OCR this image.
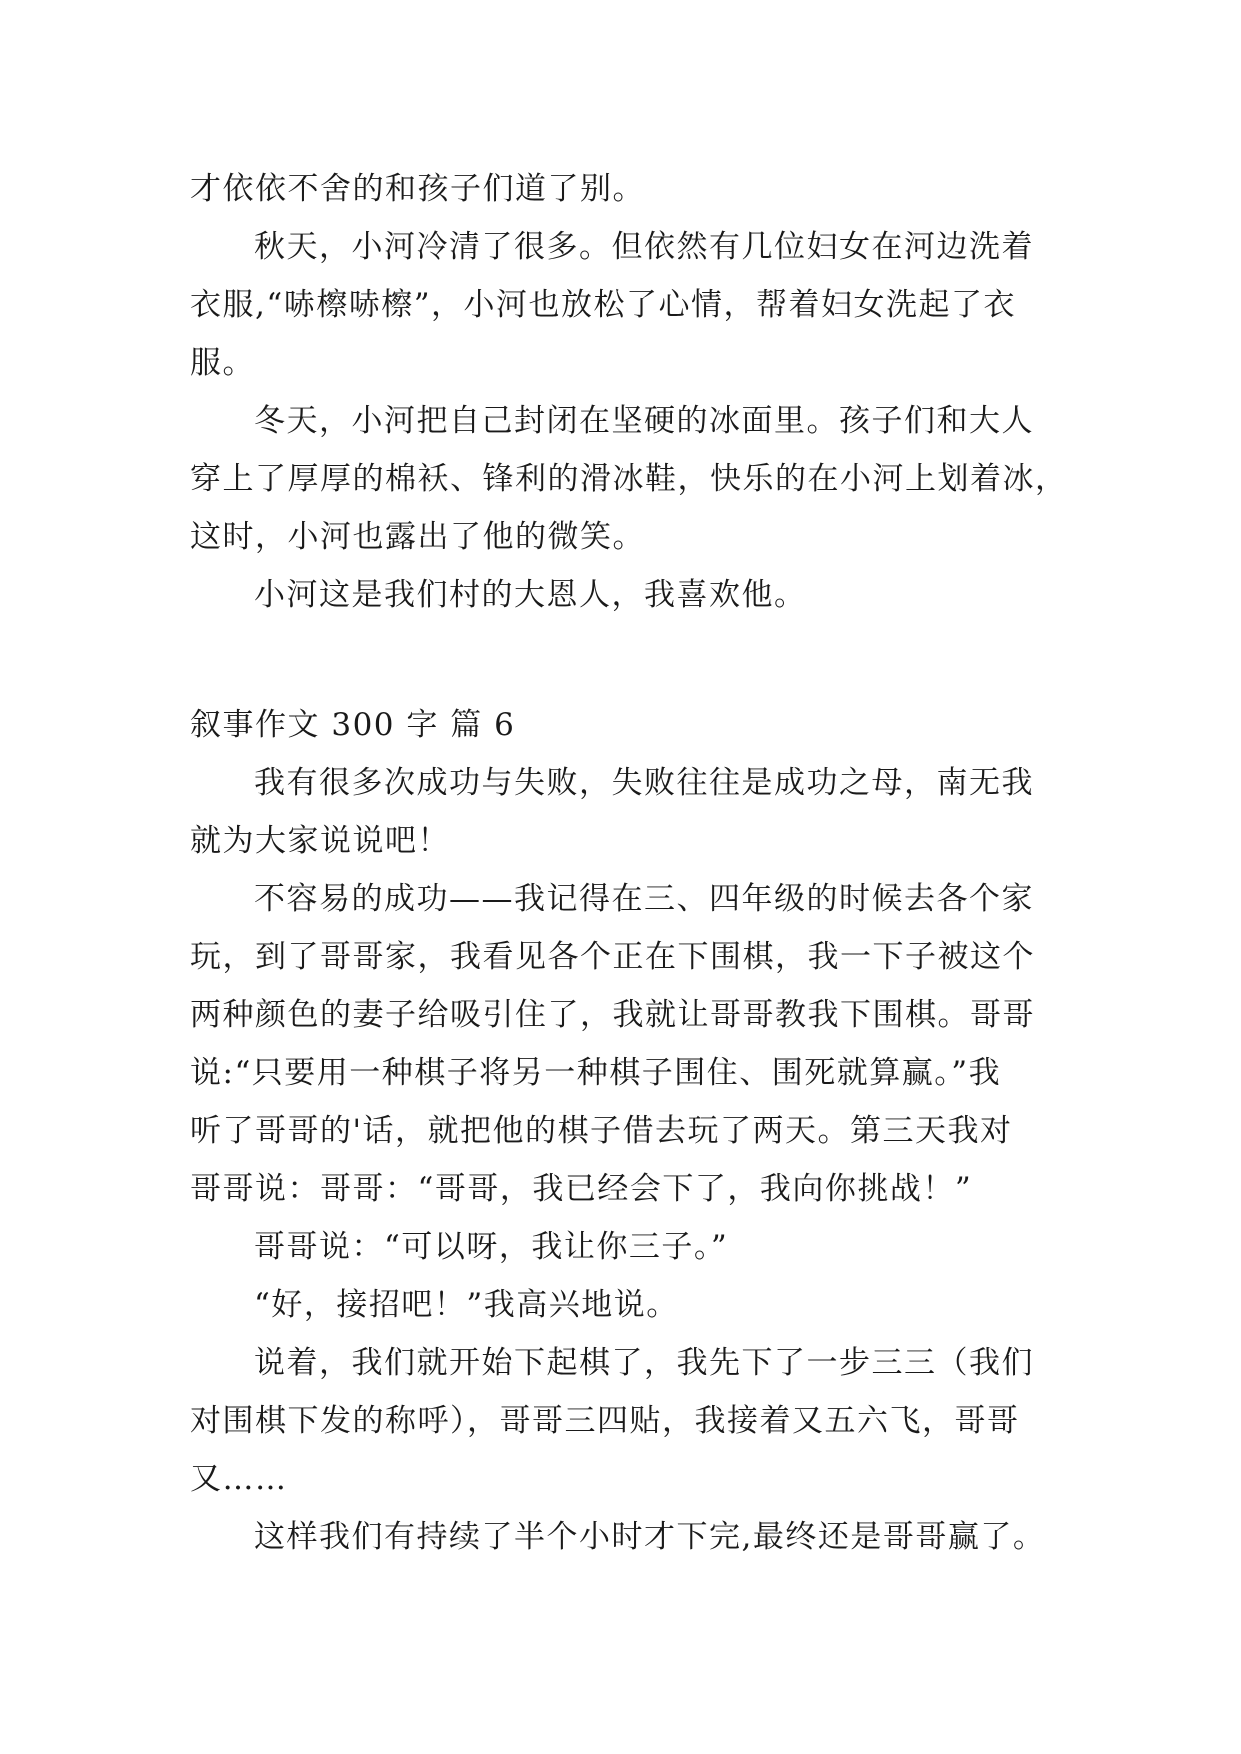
才依依不舍的和孩子们道了别。
秋天，小河冷清了很多。但依然有几位妇女在河边洗着
衣服,“哧檫哧檫”，小河也放松了心情，帮着妇女洗起了衣
服。
冬天，小河把自己封闭在坚硬的冰面里。孩子们和大人
穿上了厚厚的棉袄、锋利的滑冰鞋，快乐的在小河上划着冰，
这时，小河也露出了他的微笑。
小河这是我们村的大恩人，我喜欢他。
叙事作文 300 字 篇 6
我有很多次成功与失败，失败往往是成功之母，南无我
就为大家说说吧！
不容易的成功——我记得在三、四年级的时候去各个家
玩，到了哥哥家，我看见各个正在下围棋，我一下子被这个
两种颜色的妻子给吸引住了，我就让哥哥教我下围棋。哥哥
说:“只要用一种棋子将另一种棋子围住、围死就算赢。”我
听了哥哥的'话，就把他的棋子借去玩了两天。第三天我对
哥哥说：哥哥：“哥哥，我已经会下了，我向你挑战！”
哥哥说：“可以呀，我让你三子。”
“好，接招吧！”我高兴地说。
说着，我们就开始下起棋了，我先下了一步三三（我们
对围棋下发的称呼），哥哥三四贴，我接着又五六飞，哥哥
又……
这样我们有持续了半个小时才下完,最终还是哥哥赢了。
